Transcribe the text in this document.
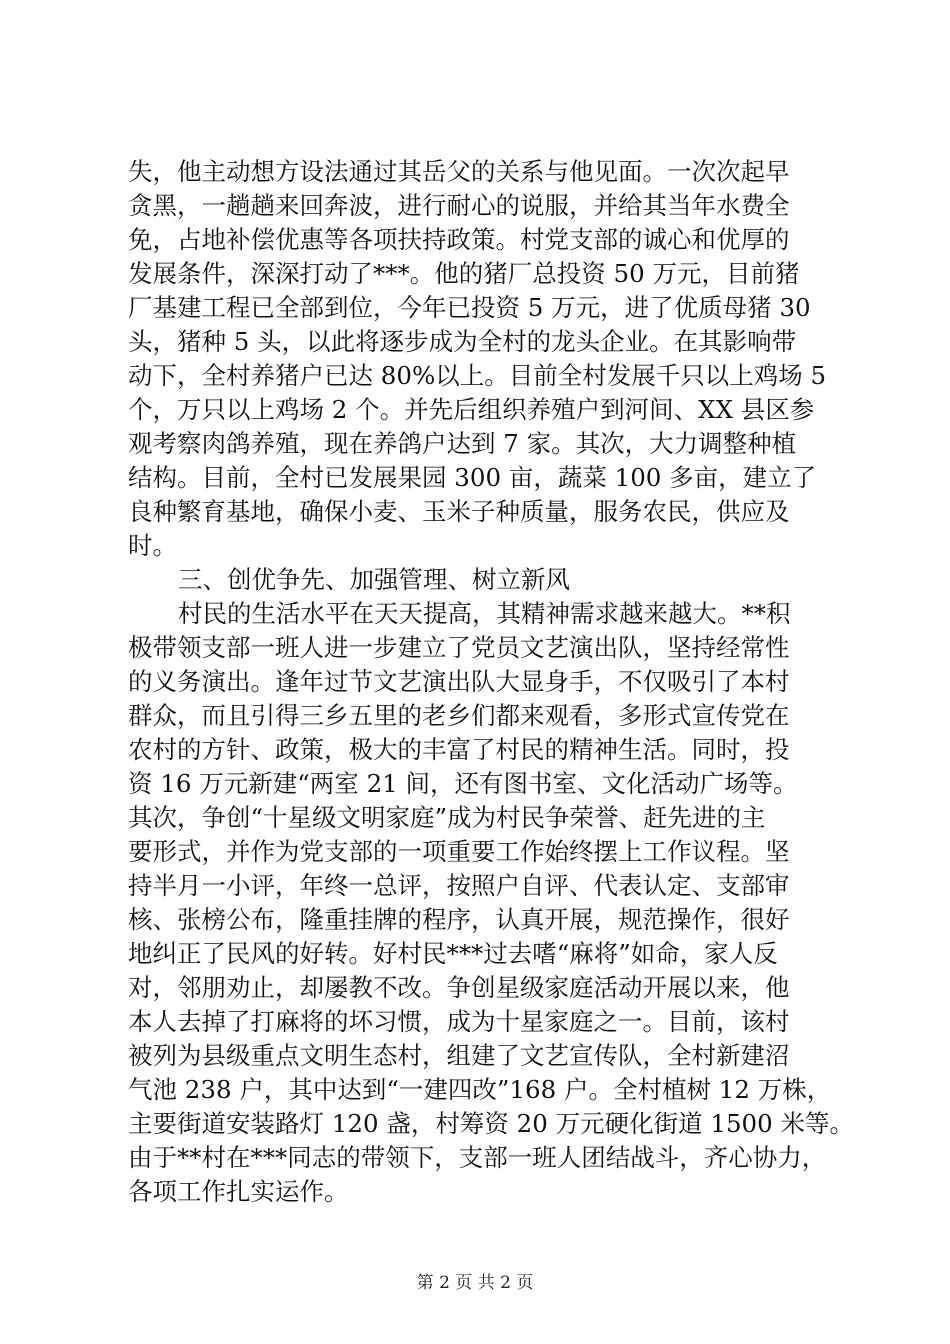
失，他主动想方设法通过其岳父的关系与他见面。一次次起早
贪黑，一趟趟来回奔波，进行耐心的说服，并给其当年水费全
免，占地补偿优惠等各项扶持政策。村党支部的诚心和优厚的
发展条件，深深打动了***。他的猪厂总投资 50 万元，目前猪
厂基建工程已全部到位，今年已投资 5 万元，进了优质母猪 30
头，猪种 5 头，以此将逐步成为全村的龙头企业。在其影响带
动下，全村养猪户已达 80%以上。目前全村发展千只以上鸡场 5
个，万只以上鸡场 2 个。并先后组织养殖户到河间、XX 县区参
观考察肉鸽养殖，现在养鸽户达到 7 家。其次，大力调整种植
结构。目前，全村已发展果园 300 亩，蔬菜 100 多亩，建立了
良种繁育基地，确保小麦、玉米子种质量，服务农民，供应及
时。
三、创优争先、加强管理、树立新风
村民的生活水平在天天提高，其精神需求越来越大。**积
极带领支部一班人进一步建立了党员文艺演出队，坚持经常性
的义务演出。逢年过节文艺演出队大显身手，不仅吸引了本村
群众，而且引得三乡五里的老乡们都来观看，多形式宣传党在
农村的方针、政策，极大的丰富了村民的精神生活。同时，投
资 16 万元新建“两室 21 间，还有图书室、文化活动广场等。
其次，争创“十星级文明家庭”成为村民争荣誉、赶先进的主
要形式，并作为党支部的一项重要工作始终摆上工作议程。坚
持半月一小评，年终一总评，按照户自评、代表认定、支部审
核、张榜公布，隆重挂牌的程序，认真开展，规范操作，很好
地纠正了民风的好转。好村民***过去嗜“麻将”如命，家人反
对，邻朋劝止，却屡教不改。争创星级家庭活动开展以来，他
本人去掉了打麻将的坏习惯，成为十星家庭之一。目前，该村
被列为县级重点文明生态村，组建了文艺宣传队，全村新建沼
气池 238 户，其中达到“一建四改”168 户。全村植树 12 万株，
主要街道安装路灯 120 盏，村筹资 20 万元硬化街道 1500 米等。
由于**村在***同志的带领下，支部一班人团结战斗，齐心协力，
各项工作扎实运作。
第 2 页 共 2 页
